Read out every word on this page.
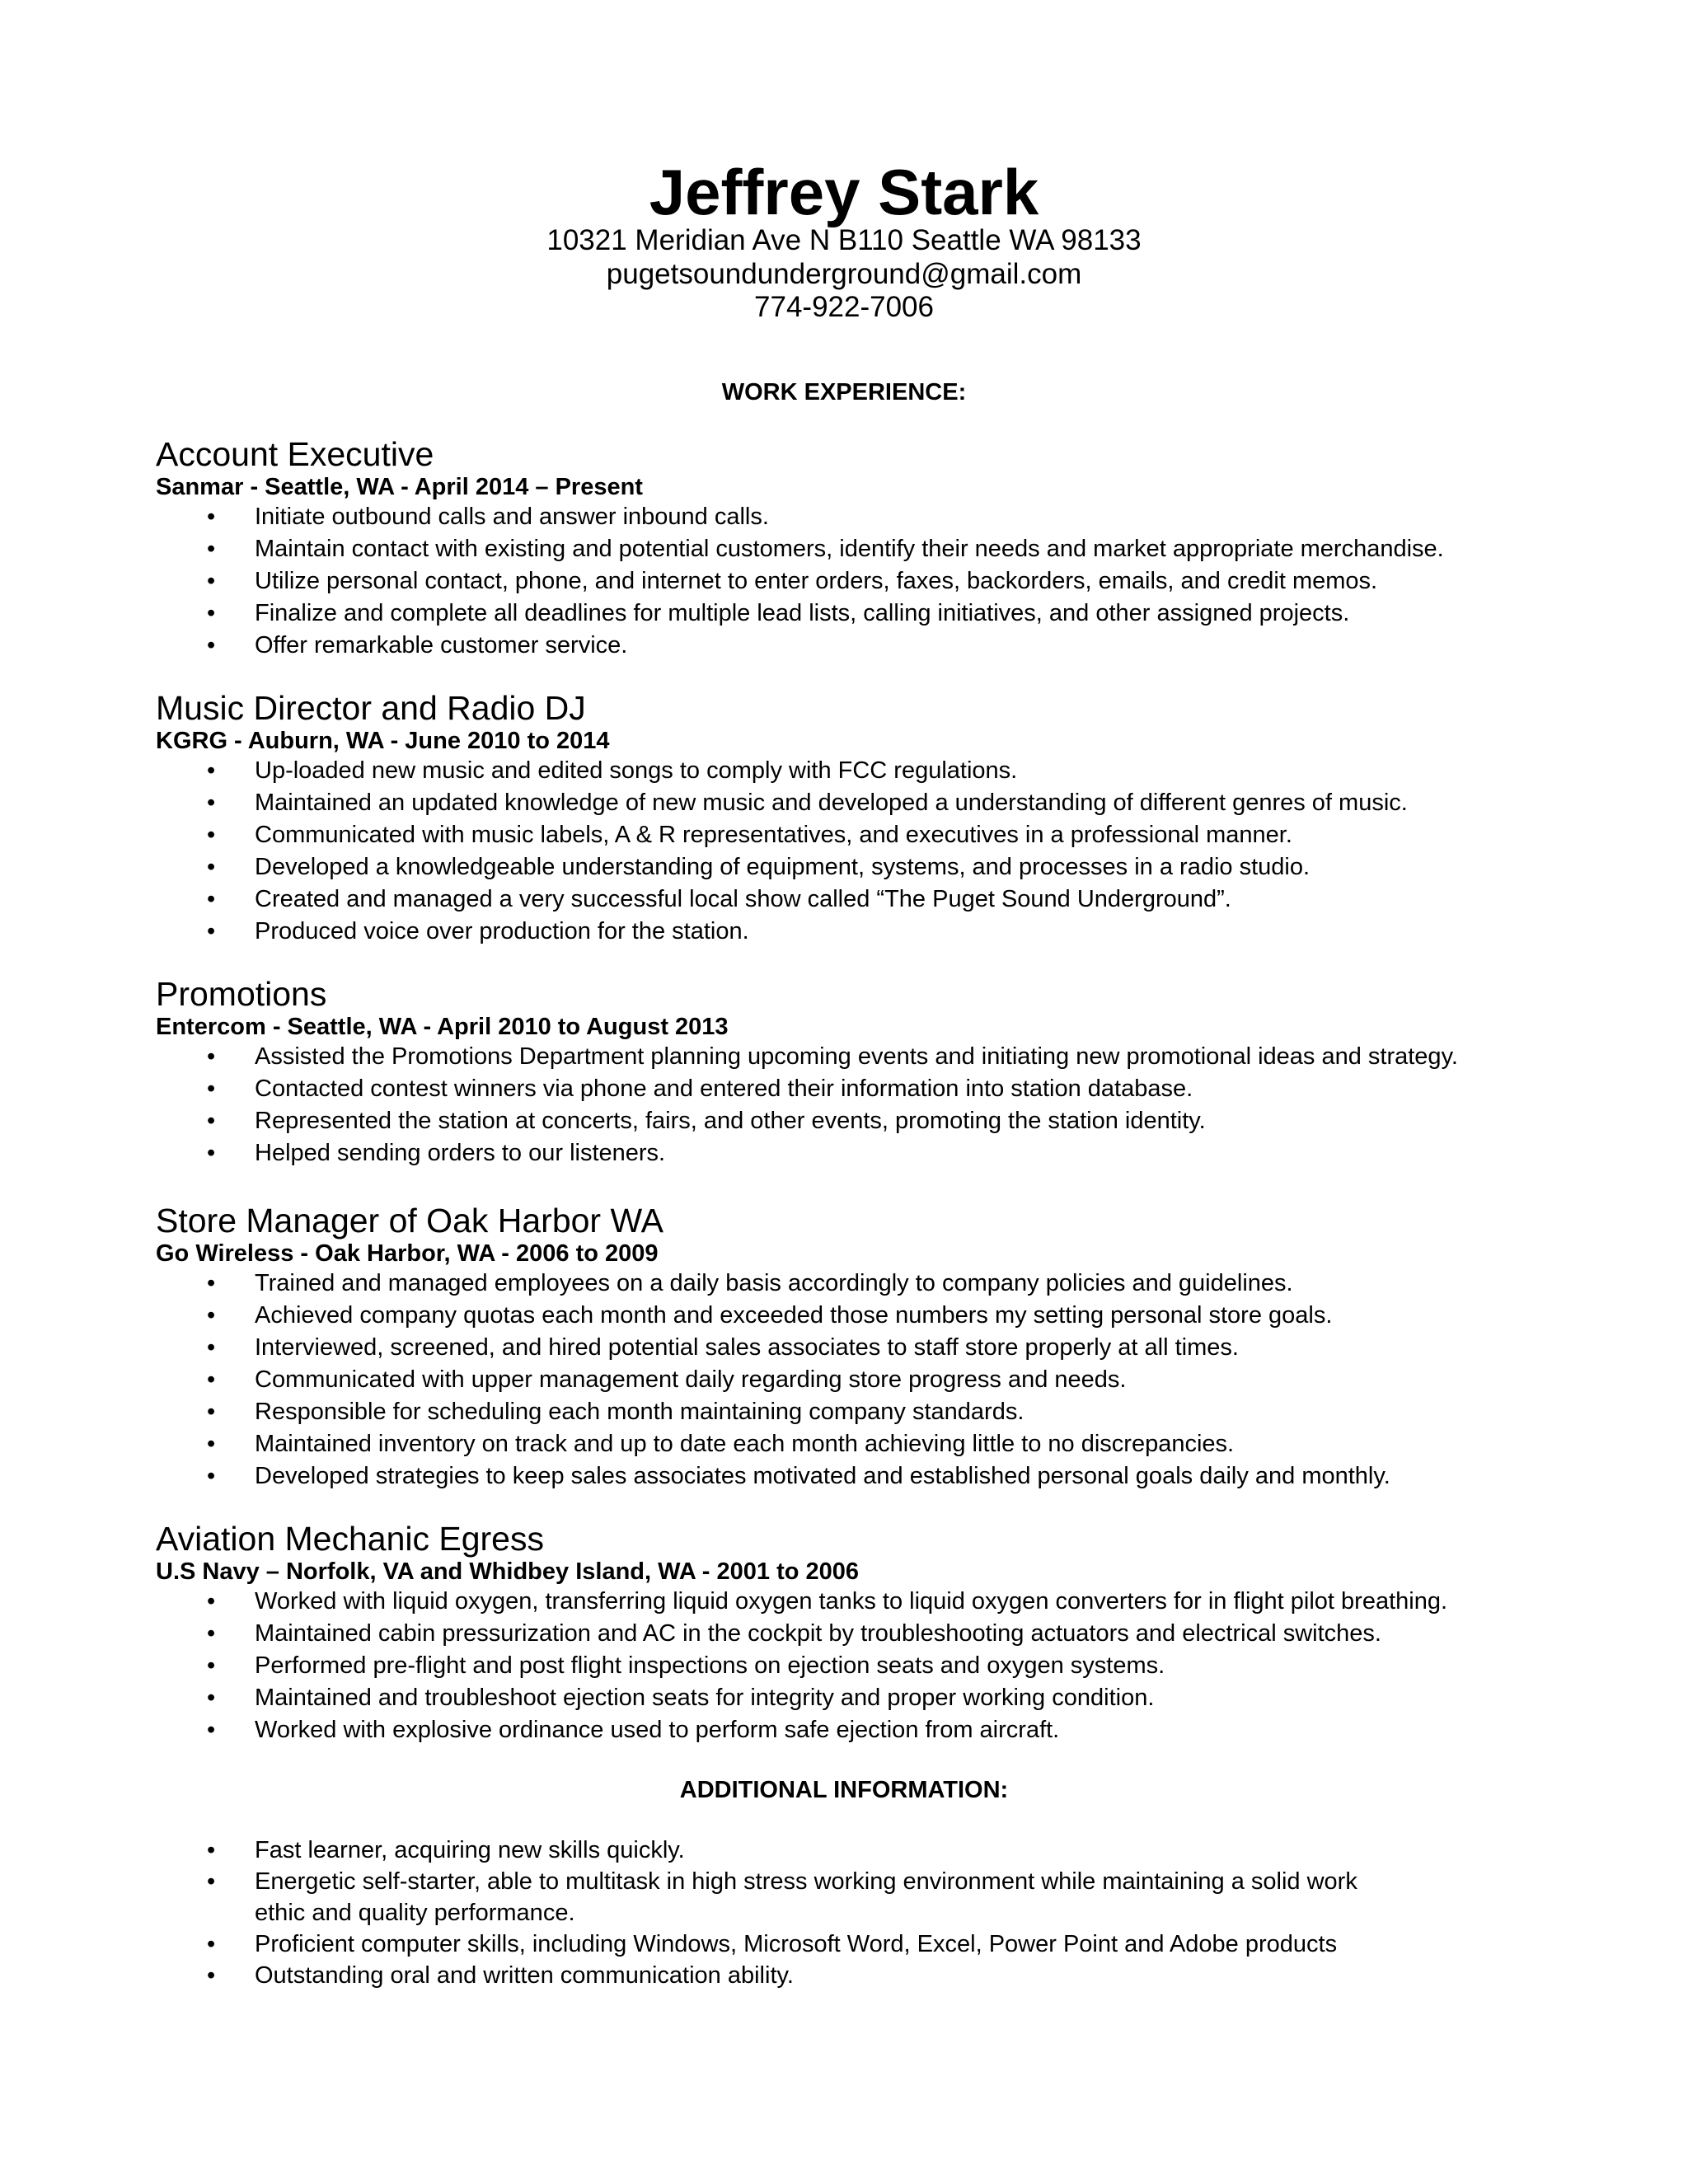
Jeffrey Stark
10321 Meridian Ave N B110 Seattle WA 98133
pugetsoundunderground@gmail.com
774-922-7006
WORK EXPERIENCE:
Account Executive
Sanmar - Seattle, WA - April 2014 – Present
• Initiate outbound calls and answer inbound calls.
• Maintain contact with existing and potential customers, identify their needs and market appropriate merchandise.
• Utilize personal contact, phone, and internet to enter orders, faxes, backorders, emails, and credit memos.
• Finalize and complete all deadlines for multiple lead lists, calling initiatives, and other assigned projects.
• Offer remarkable customer service.
Music Director and Radio DJ
KGRG - Auburn, WA - June 2010 to 2014
• Up-loaded new music and edited songs to comply with FCC regulations.
• Maintained an updated knowledge of new music and developed a understanding of different genres of music.
• Communicated with music labels, A & R representatives, and executives in a professional manner.
• Developed a knowledgeable understanding of equipment, systems, and processes in a radio studio.
• Created and managed a very successful local show called “The Puget Sound Underground”.
• Produced voice over production for the station.
Promotions
Entercom - Seattle, WA - April 2010 to August 2013
• Assisted the Promotions Department planning upcoming events and initiating new promotional ideas and strategy.
• Contacted contest winners via phone and entered their information into station database.
• Represented the station at concerts, fairs, and other events, promoting the station identity.
• Helped sending orders to our listeners.
Store Manager of Oak Harbor WA
Go Wireless - Oak Harbor, WA - 2006 to 2009
• Trained and managed employees on a daily basis accordingly to company policies and guidelines.
• Achieved company quotas each month and exceeded those numbers my setting personal store goals.
• Interviewed, screened, and hired potential sales associates to staff store properly at all times.
• Communicated with upper management daily regarding store progress and needs.
• Responsible for scheduling each month maintaining company standards.
• Maintained inventory on track and up to date each month achieving little to no discrepancies.
• Developed strategies to keep sales associates motivated and established personal goals daily and monthly.
Aviation Mechanic Egress
U.S Navy – Norfolk, VA and Whidbey Island, WA - 2001 to 2006
• Worked with liquid oxygen, transferring liquid oxygen tanks to liquid oxygen converters for in flight pilot breathing.
• Maintained cabin pressurization and AC in the cockpit by troubleshooting actuators and electrical switches.
• Performed pre-flight and post flight inspections on ejection seats and oxygen systems.
• Maintained and troubleshoot ejection seats for integrity and proper working condition.
• Worked with explosive ordinance used to perform safe ejection from aircraft.
ADDITIONAL INFORMATION:
• Fast learner, acquiring new skills quickly.
• Energetic self-starter, able to multitask in high stress working environment while maintaining a solid work ethic and quality performance.
• Proficient computer skills, including Windows, Microsoft Word, Excel, Power Point and Adobe products
• Outstanding oral and written communication ability.
